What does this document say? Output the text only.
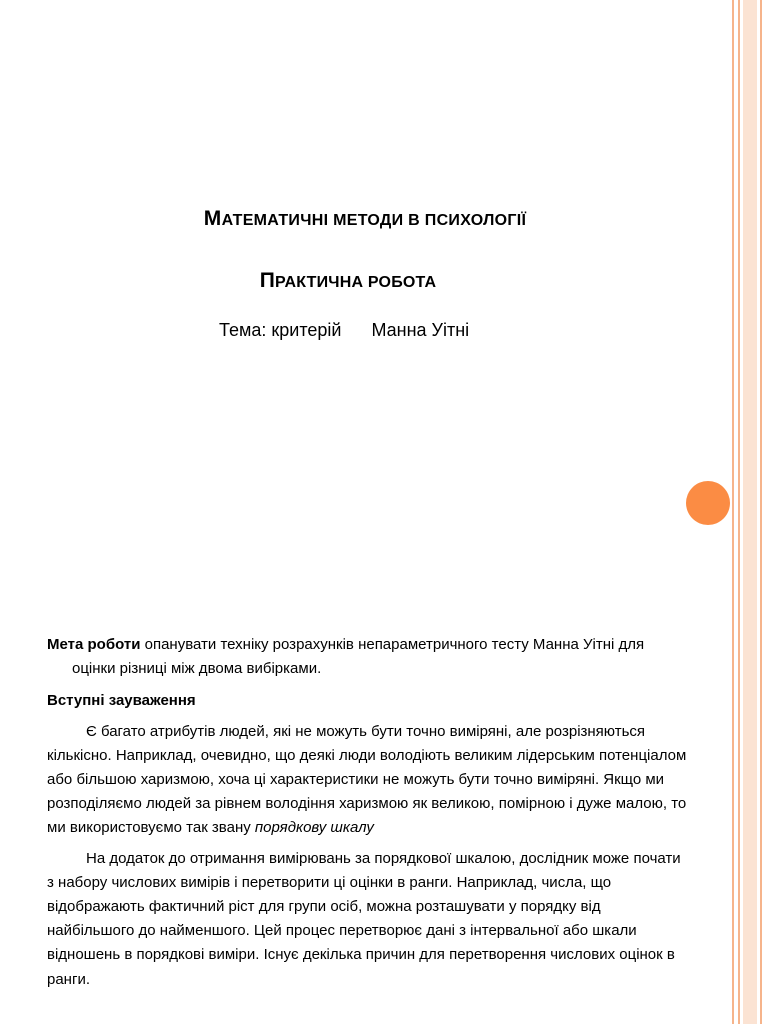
МАТЕМАТИЧНІ МЕТОДИ В ПСИХОЛОГІЇ
ПРАКТИЧНА РОБОТА
Тема: критерій      Манна Уітні

Мета роботи опанувати техніку розрахунків непараметричного тесту Манна Уітні для оцінки різниці між двома вибірками.

Вступні зауваження

Є багато атрибутів людей, які не можуть бути точно виміряні, але розрізняються кількісно. Наприклад, очевидно, що деякі люди володіють великим лідерським потенціалом або більшою харизмою, хоча ці характеристики не можуть бути точно виміряні. Якщо ми розподіляємо людей за рівнем володіння харизмою як великою, помірною і дуже малою, то ми використовуємо так звану порядкову шкалу

На додаток до отримання вимірювань за порядкової шкалою, дослідник може почати з набору числових вимірів і перетворити ці оцінки в ранги. Наприклад, числа, що відображають фактичний ріст для групи осіб, можна розташувати у порядку від найбільшого до найменшого. Цей процес перетворює дані з інтервальної або шкали відношень в порядкові виміри. Існує декілька причин для перетворення числових оцінок в ранги.
